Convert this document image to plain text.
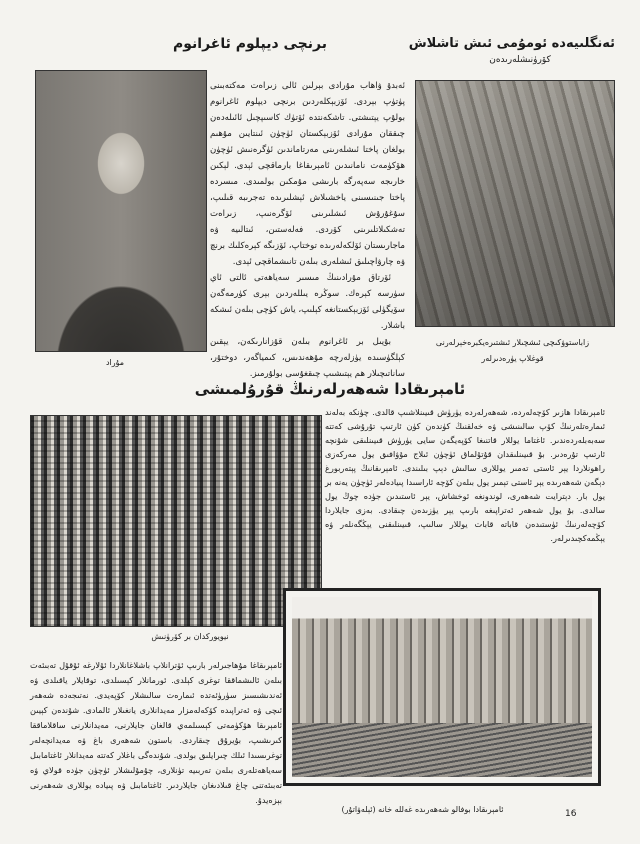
برنچى ديپلوم ئاغرانوم
مۇراد

ئەبدۇ ۋاھاب مۇرادى بېرلىن ئالى زىراەت مەكتەبىنى پۈتۈپ بېردى. ئۆزبېكلەردىن برنچى ديپلوم ئاغرانوم بولۇپ يېتىشتى. تاشكەنتدە ئۆتۈك كاسىپچىل ئائىلەدەن چىققان مۇرادى ئۆزبېكستان ئۈچۈن ئىنتايىن مۇھىم بولغان پاختا ئىشلەرىنى مەرتاماندىن ئۈگرەنىش ئۈچۈن ھۆكۈمەت نامانىدىن ئامېرىقاغا بارماقچى ئېدى. لېكىن خارىجە سەپەرگە بارىشى مۇمكىن بولمىدى. مىسردە پاختا جىنىسىنى ياخشىلاش ئېشلىرىدە تەجرىبە قىلىپ، سۇغۇرۇش ئىشلىرىنى ئۆگرەنىپ، زىراەت تەشكىلاتلىرىنى كۆردى. فەلەستىن، ئىتالىيە ۋە ماجارىستان ئۆلكەلەرىدە توختاپ، ئۆزىگە كېرەكلىك برنچ ۋە چارۋاچىلىق ئىشلەرى بىلەن تانىشماقچى ئېدى.

ئۆرتاق مۇرادىنىڭ مىسىر سەياھەتى ئالتى ئاي سۈرسە كېرەك. سوڭرە يىللەردىن بېرى كۈرمەگەن سۆيگۈلى ئۆزبېكستانغە كېلىپ، ياش كۈچى بىلەن ئىشكە باشلار.

بۇيىل بر ئاغرانوم بىلەن قۇزانارىكەن، يېقىن كېلگۈسىدە يۈزلەرچە مۇھەندىس، كىمياگەر، دوختۇر، ساناتىچىلار ھم يېتىشىپ چىقغۇسى بولۇرمىز.

ئەنگلىيەدە ئومۇمى ئىش تاشلاش
كۆرۈنىشلەرىدەن
زاباستوۋكىچى ئىشچىلار ئىشتىرەيكبرەخېرلەرنى
قوغلاپ يۈرەدىرلەر
ئامېرىقادا شەھەرلەرنىڭ قۇرۇلمىشى
نيويوركدان بر كۆرۈنىش
ئامېرىقادا ھازىر كۆچەلەردە، شەھەرلەردە يۈرۈش قىيىنلاشىپ قالدى. چۈنكە بەلەند ئىمارەتلەرنىڭ كۆپ سالىنىشى ۋە خەلقنىڭ كۈندەن كۈن ئارتىپ تۇرۇشى كەتتە سەبەبلەردەندىر. ئاغتاما يوللار قاتنىغا كۆپەيگەن سايى يۈرۈش قىيىنلىقى شۇنچە ئارتىپ تۇرەدىر. بۇ قىيىنلىقدان قۇتۇلماق ئۈچۈن ئىلاج مۇۋافىق يول مەركەزى راھونلاردا يېر ئاستى تەمىر يوللارى سالىش دېپ بىلىندى. ئامېرىقانىڭ پېتەربورغ دېگەن شەھەرىدە يېر ئاستى تېمىر يول بىلەن كۆچە ئاراسىدا پىيادەلەر ئۈچۈن يەنە بر يول بار. دېترايت شەھەرى، لوندونغە ئوخشاش، يېر ئاستىدىن جۈدە چوڭ يول سالدى. بۇ يول شەھەر ئەتراپىغە بارىپ يېر يۈزىدەن چىقادى. بەزى جايلاردا كۆچەلەرنىڭ ئۈستىدەن قاباتە قابات يوللار سالىپ، قىيىنلىقنى يېڭگەنلەر ۋە يېڭمەكچىدىرلەر.
ئامېرىقاغا مۇھاجىرلەر بارىپ ئۆترانلاپ باشلاغانلاردا ئۇلارغە ئۇقۇل تەبىئەت بىلەن ئالىشماققا توغرى كېلدى. ئورمانلار كېسىلدى، توقايلار ياقىلدى ۋە ئەندىشىسىز سۈرۈئەتدە ئىمارەت سالىشلار كۆپەيدى. نەتىجەدە شەھەر ئىچى ۋە ئەتراپىدە كۆكەلەمزار مەيدانلارى يانغىلار ئالمادى. شۇندەن كېيىن ئامېرىقا ھۆكۈمەتى كېسىلمەي قالغان جايلارنى، مەيدانلارنى ساقلاماققا كىرىشىپ، بۇيرۇق چىقاردى. باستون شەھەرى باغ ۋە مەيدانچەلەر توغرىسىدا ئىلك چىرايلىق بولدى. شۇندەگى باغلار كەتتە مەيدانلار ئاغتامابىل سەياھەتلەرى بىلەن تەربىيە تۈنلارى، چۇمۇلىشلار ئۈچۈن جۈدە قولاي ۋە تەبىئەتنى چاغ قىلادىغان جايلاردىر. ئاغتامابىل ۋە پىيادە يوللارى شەھەرنى بېزەيدۇ.
ئامېرىقادا بوفالو شەھەرىدە غەللە خانە (ئېلەۋاتۇر)	16
